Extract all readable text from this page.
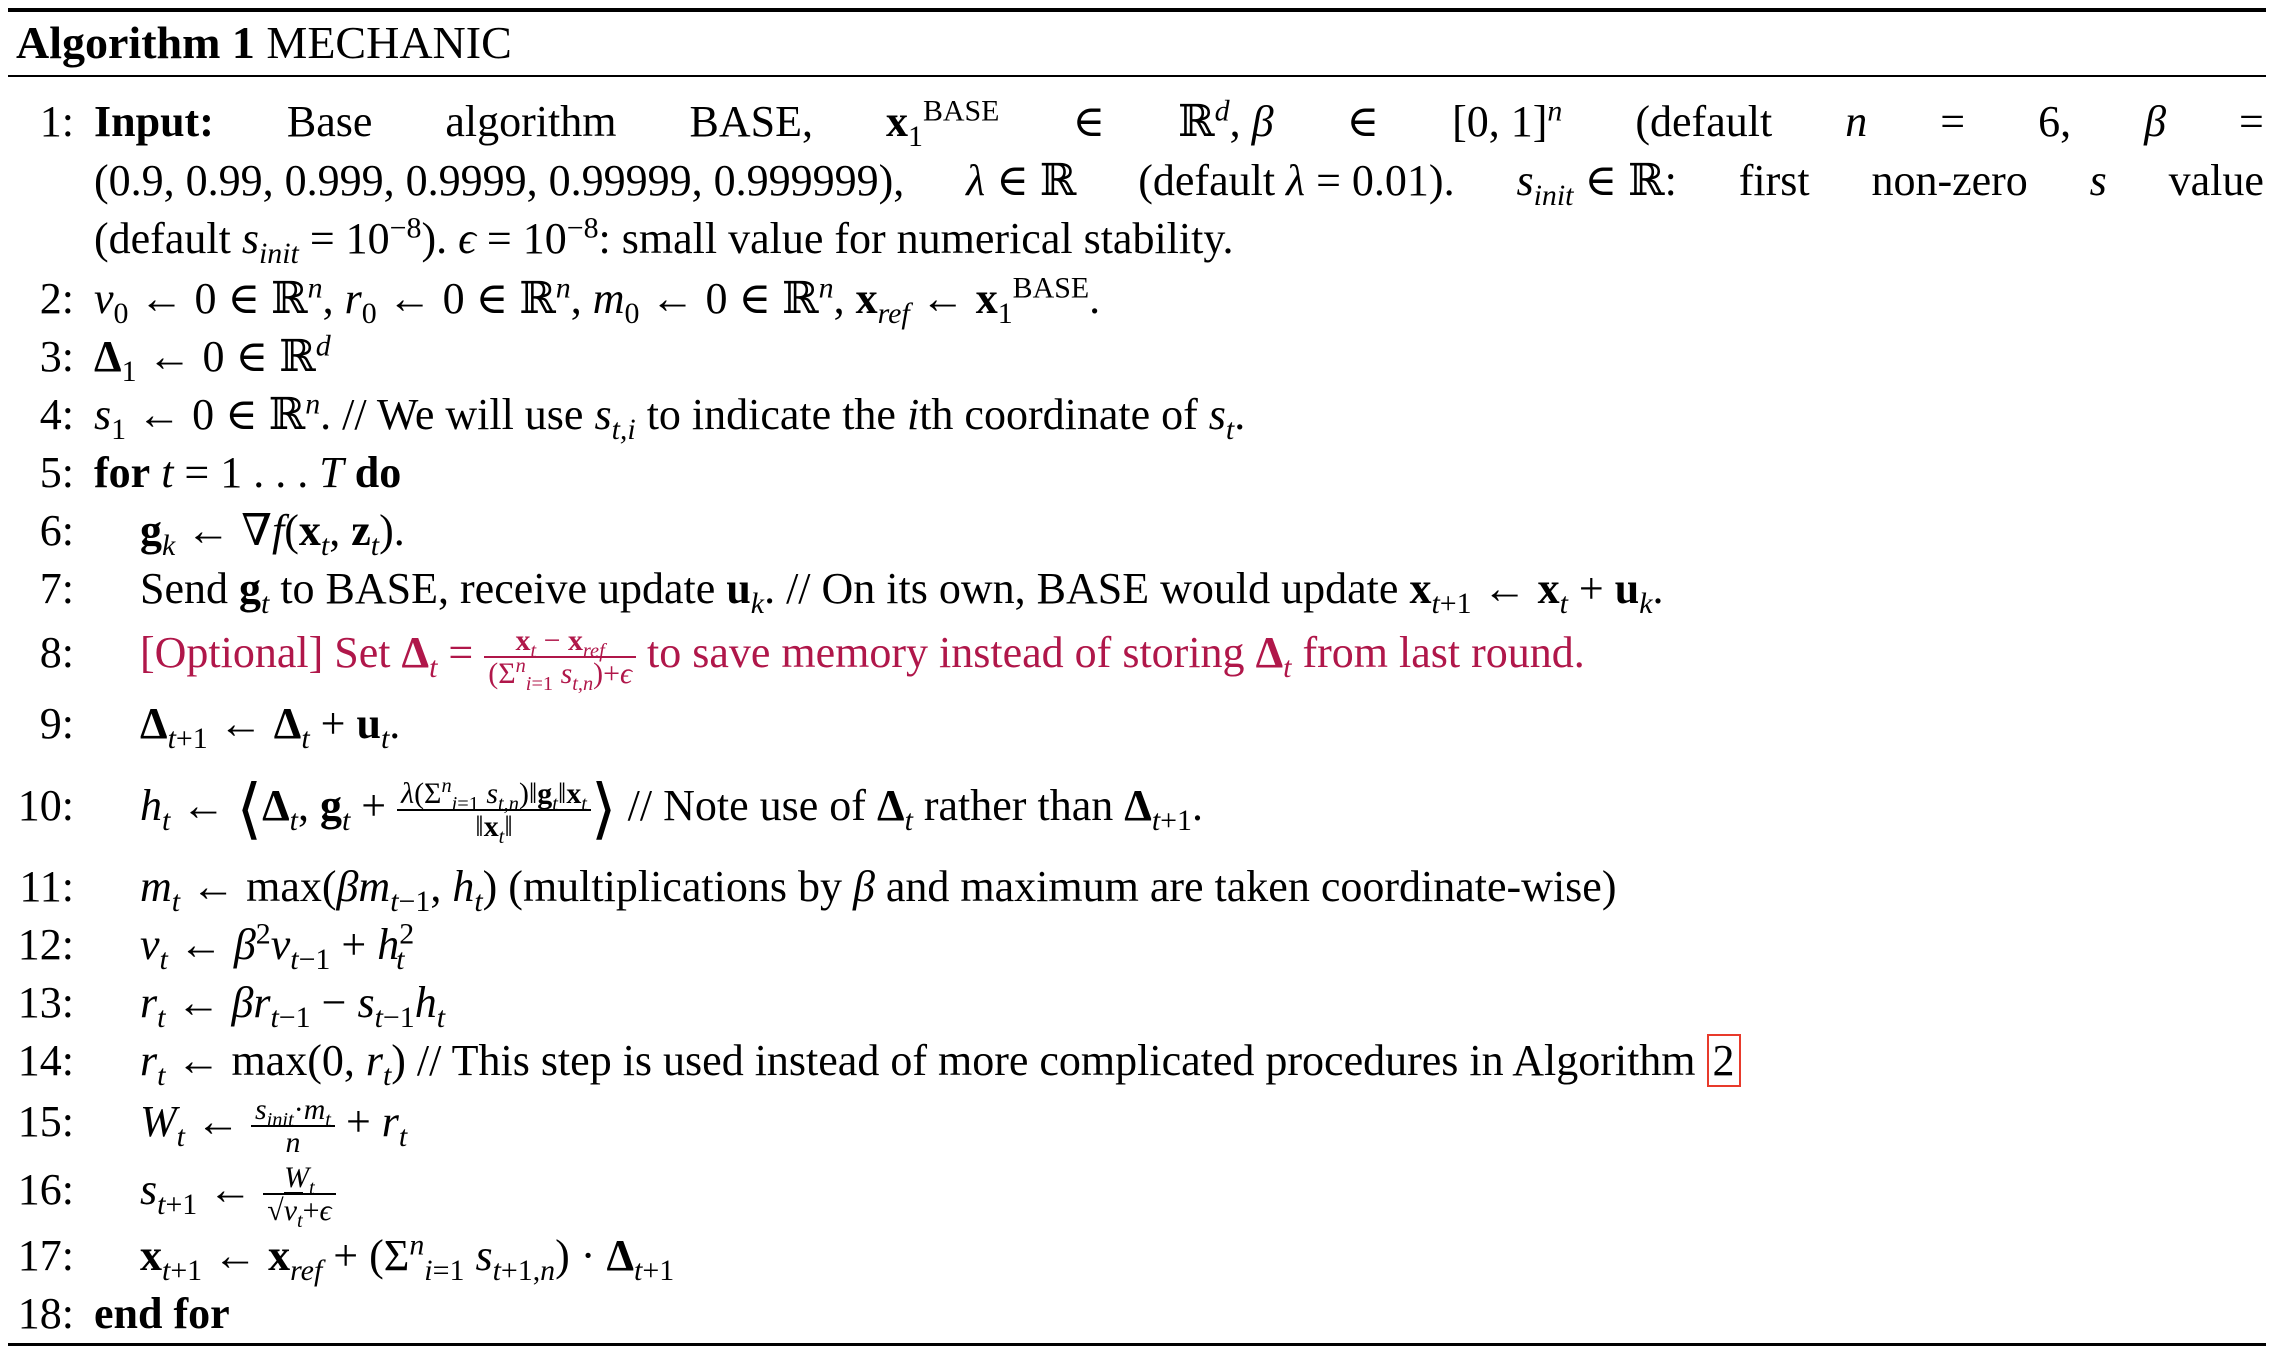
Algorithm 1 MECHANIC
1: Input: Base algorithm BASE, $x_1^{BASE}$ ∈ ℝ$^d$, β ∈ [0, 1]$^n$ (default n = 6, β =
(0.9, 0.99, 0.999, 0.9999, 0.99999, 0.999999), λ ∈ ℝ (default λ = 0.01). $s_{init}$ ∈ ℝ: first non-zero s value
(default $s_{init} = 10^{-8}$). $\epsilon = 10^{-8}$: small value for numerical stability.
2: $v_0$ ← 0 ∈ ℝ$^n$, $r_0$ ← 0 ∈ ℝ$^n$, $m_0$ ← 0 ∈ ℝ$^n$, $x_{ref}$ ← $x_1^{BASE}$.
3: $\Delta_1$ ← 0 ∈ ℝ$^d$
4: $s_1$ ← 0 ∈ ℝ$^n$. // We will use $s_{t,i}$ to indicate the ith coordinate of $s_t$.
5: for t = 1 . . . T do
6: $g_k$ ← $\nabla f(x_t$, $z_t$).
7: Send $g_t$ to BASE, receive update $u_k$. // On its own, BASE would update $x_{t+1}$ ← $x_t + u_k$.
8: [Optional] Set $\Delta_t = \frac{x_t - x_{ref}}{(\Sigma^n_{i=1} s_{t,n})+\epsilon}$ to save memory instead of storing $\Delta_t$ from last round.
9: $\Delta_{t+1}$ ← $\Delta_t + u_t$.
10: $h_t$ ← $⟨\Delta_t$, $g_t + \frac{\lambda(\Sigma^n_{i=1} s_{t,n})‖g_t‖x_t}{‖x_t‖}$ ⟩ // Note use of $\Delta_t$ rather than $\Delta_{t+1}$.
11: $m_t$ ← $\max(\beta m_{t-1}$, $h_t$) (multiplications by β and maximum are taken coordinate-wise)
12: $v_t$ ← $\beta^2v_{t-1} + h^2_t$
13: $r_t$ ← $\beta r_{t-1} - s_{t-1}h_t$
14: $r_t$ ← max(0, $r_t$) // This step is used instead of more complicated procedures in Algorithm 2
15: $W_t$ ← $\frac{s_{init}\cdot m_t}{n} + r_t$
16: $s_{t+1}$ ← $\frac{W_t}{√v_t+\epsilon}$
17: $x_{t+1}$ ← $x_{ref} + (\Sigma^n_{i=1}$ $s_{t+1,n}) \cdot \Delta_{t+1}$
18: end for
